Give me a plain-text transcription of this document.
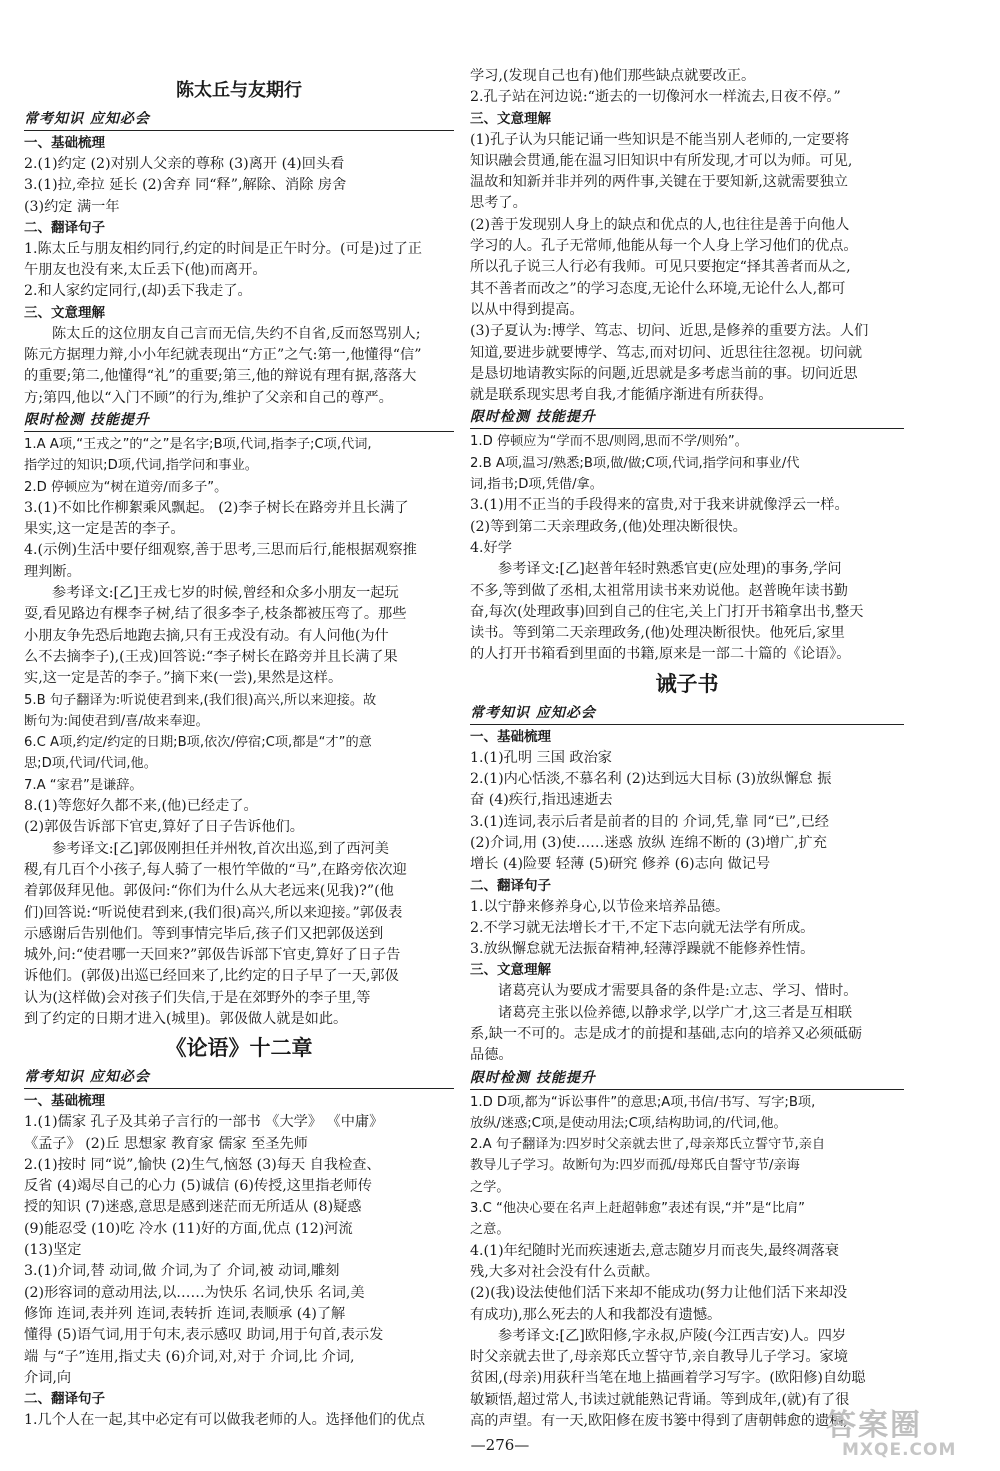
陈太丘与友期行
常考知识 应知必会
一、基础梳理
2.(1)约定 (2)对别人父亲的尊称 (3)离开 (4)回头看
3.(1)拉,牵拉 延长 (2)舍弃 同“释”,解除、消除 房舍
(3)约定 满一年
二、翻译句子
1.陈太丘与朋友相约同行,约定的时间是正午时分。(可是)过了正
午朋友也没有来,太丘丢下(他)而离开。
2.和人家约定同行,(却)丢下我走了。
三、文意理解
陈太丘的这位朋友自己言而无信,失约不自省,反而怒骂别人;
陈元方据理力辩,小小年纪就表现出“方正”之气:第一,他懂得“信”
的重要;第二,他懂得“礼”的重要;第三,他的辩说有理有据,落落大
方;第四,他以“入门不顾”的行为,维护了父亲和自己的尊严。
限时检测 技能提升
1.A A项,“王戎之”的“之”是名字;B项,代词,指李子;C项,代词,
指学过的知识;D项,代词,指学问和事业。
2.D 停顿应为“树在道旁/而多子”。
3.(1)不如比作柳絮乘风飘起。 (2)李子树长在路旁并且长满了
果实,这一定是苦的李子。
4.(示例)生活中要仔细观察,善于思考,三思而后行,能根据观察推
理判断。
参考译文:[乙]王戎七岁的时候,曾经和众多小朋友一起玩
耍,看见路边有棵李子树,结了很多李子,枝条都被压弯了。那些
小朋友争先恐后地跑去摘,只有王戎没有动。有人问他(为什
么不去摘李子),(王戎)回答说:“李子树长在路旁并且长满了果
实,这一定是苦的李子。”摘下来(一尝),果然是这样。
5.B 句子翻译为:听说使君到来,(我们很)高兴,所以来迎接。故
断句为:闻使君到/喜/故来奉迎。
6.C A项,约定/约定的日期;B项,依次/停宿;C项,都是“才”的意
思;D项,代词/代词,他。
7.A “家君”是谦辞。
8.(1)等您好久都不来,(他)已经走了。
(2)郭伋告诉部下官吏,算好了日子告诉他们。
参考译文:[乙]郭伋刚担任并州牧,首次出巡,到了西河美
稷,有几百个小孩子,每人骑了一根竹竿做的“马”,在路旁依次迎
着郭伋拜见他。郭伋问:“你们为什么从大老远来(见我)?”(他
们)回答说:“听说使君到来,(我们很)高兴,所以来迎接。”郭伋表
示感谢后告别他们。等到事情完毕后,孩子们又把郭伋送到
城外,问:“使君哪一天回来?”郭伋告诉部下官吏,算好了日子告
诉他们。(郭伋)出巡已经回来了,比约定的日子早了一天,郭伋
认为(这样做)会对孩子们失信,于是在郊野外的李子里,等
到了约定的日期才进入(城里)。郭伋做人就是如此。
《论语》十二章
常考知识 应知必会
一、基础梳理
1.(1)儒家 孔子及其弟子言行的一部书 《大学》 《中庸》
《孟子》 (2)丘 思想家 教育家 儒家 至圣先师
2.(1)按时 同“说”,愉快 (2)生气,恼怒 (3)每天 自我检查、
反省 (4)竭尽自己的心力 (5)诚信 (6)传授,这里指老师传
授的知识 (7)迷惑,意思是感到迷茫而无所适从 (8)疑惑
(9)能忍受 (10)吃 冷水 (11)好的方面,优点 (12)河流
(13)坚定
3.(1)介词,替 动词,做 介词,为了 介词,被 动词,雕刻
(2)形容词的意动用法,以……为快乐 名词,快乐 名词,美
修饰 连词,表并列 连词,表转折 连词,表顺承 (4)了解
懂得 (5)语气词,用于句末,表示感叹 助词,用于句首,表示发
端 与“子”连用,指丈夫 (6)介词,对,对于 介词,比 介词,
介词,向
二、翻译句子
1.几个人在一起,其中必定有可以做我老师的人。选择他们的优点
学习,(发现自己也有)他们那些缺点就要改正。
2.孔子站在河边说:“逝去的一切像河水一样流去,日夜不停。”
三、文意理解
(1)孔子认为只能记诵一些知识是不能当别人老师的,一定要将
知识融会贯通,能在温习旧知识中有所发现,才可以为师。可见,
温故和知新并非并列的两件事,关键在于要知新,这就需要独立
思考了。
(2)善于发现别人身上的缺点和优点的人,也往往是善于向他人
学习的人。孔子无常师,他能从每一个人身上学习他们的优点。
所以孔子说三人行必有我师。可见只要抱定“择其善者而从之,
其不善者而改之”的学习态度,无论什么环境,无论什么人,都可
以从中得到提高。
(3)子夏认为:博学、笃志、切问、近思,是修养的重要方法。人们
知道,要进步就要博学、笃志,而对切问、近思往往忽视。切问就
是恳切地请教实际的问题,近思就是多考虑当前的事。切问近思
就是联系现实思考自我,才能循序渐进有所获得。
限时检测 技能提升
1.D 停顿应为“学而不思/则罔,思而不学/则殆”。
2.B A项,温习/熟悉;B项,做/做;C项,代词,指学问和事业/代
词,指书;D项,凭借/拿。
3.(1)用不正当的手段得来的富贵,对于我来讲就像浮云一样。
(2)等到第二天亲理政务,(他)处理决断很快。
4.好学
参考译文:[乙]赵普年轻时熟悉官吏(应处理)的事务,学问
不多,等到做了丞相,太祖常用读书来劝说他。赵普晚年读书勤
奋,每次(处理政事)回到自己的住宅,关上门打开书箱拿出书,整天
读书。等到第二天亲理政务,(他)处理决断很快。他死后,家里
的人打开书箱看到里面的书籍,原来是一部二十篇的《论语》。
诫子书
常考知识 应知必会
一、基础梳理
1.(1)孔明 三国 政治家
2.(1)内心恬淡,不慕名利 (2)达到远大目标 (3)放纵懈怠 振
奋 (4)疾行,指迅速逝去
3.(1)连词,表示后者是前者的目的 介词,凭,靠 同“已”,已经
(2)介词,用 (3)使……迷惑 放纵 连绵不断的 (3)增广,扩充
增长 (4)险要 轻薄 (5)研究 修养 (6)志向 做记号
二、翻译句子
1.以宁静来修养身心,以节俭来培养品德。
2.不学习就无法增长才干,不定下志向就无法学有所成。
3.放纵懈怠就无法振奋精神,轻薄浮躁就不能修养性情。
三、文意理解
诸葛亮认为要成才需要具备的条件是:立志、学习、惜时。
诸葛亮主张以俭养德,以静求学,以学广才,这三者是互相联
系,缺一不可的。志是成才的前提和基础,志向的培养又必须砥砺
品德。
限时检测 技能提升
1.D D项,都为“诉讼事件”的意思;A项,书信/书写、写字;B项,
放纵/迷惑;C项,是使动用法;C项,结构助词,的/代词,他。
2.A 句子翻译为:四岁时父亲就去世了,母亲郑氏立誓守节,亲自
教导儿子学习。故断句为:四岁而孤/母郑氏自誓守节/亲诲
之学。
3.C “他决心要在名声上赶超韩愈”表述有误,“并”是“比肩”
之意。
4.(1)年纪随时光而疾速逝去,意志随岁月而丧失,最终凋落衰
残,大多对社会没有什么贡献。
(2)(我)设法使他们活下来却不能成功(努力让他们活下来却没
有成功),那么死去的人和我都没有遗憾。
参考译文:[乙]欧阳修,字永叔,庐陵(今江西吉安)人。四岁
时父亲就去世了,母亲郑氏立誓守节,亲自教导儿子学习。家境
贫困,(母亲)用荻秆当笔在地上描画着学习写字。(欧阳修)自幼聪
敏颖悟,超过常人,书读过就能熟记背诵。等到成年,(就)有了很
高的声望。有一天,欧阳修在废书篓中得到了唐朝韩愈的遗稿,
—276—
答案圈
MXQE.COM
